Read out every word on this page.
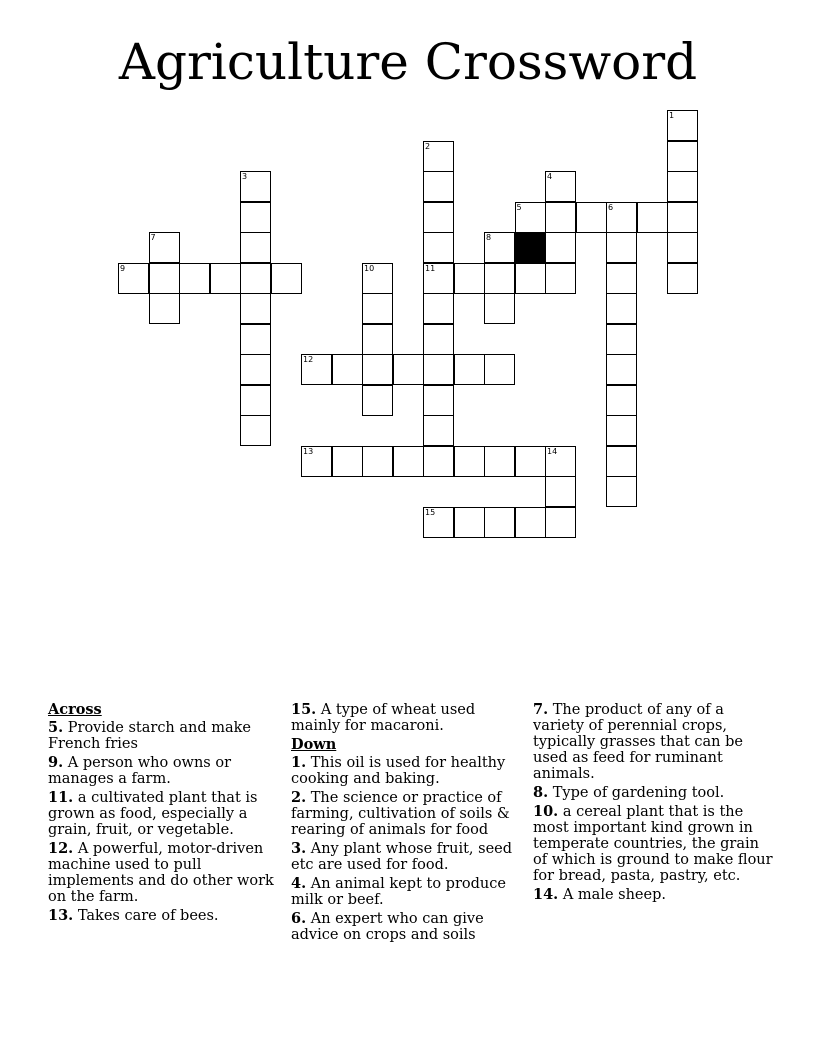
Agriculture Crossword
1
2
3	4
5	6
7	8
9	10	11
12
13	14
15
Across
5. Provide starch and make French fries
9. A person who owns or manages a farm.
11. a cultivated plant that is grown as food, especially a grain, fruit, or vegetable.
12. A powerful, motor-driven machine used to pull implements and do other work on the farm.
13. Takes care of bees.
15. A type of wheat used mainly for macaroni.
Down
1. This oil is used for healthy cooking and baking.
2. The science or practice of farming, cultivation of soils & rearing of animals for food
3. Any plant whose fruit, seed etc are used for food.
4. An animal kept to produce milk or beef.
6. An expert who can give advice on crops and soils
7. The product of any of a variety of perennial crops, typically grasses that can be used as feed for ruminant animals.
8. Type of gardening tool.
10. a cereal plant that is the most important kind grown in temperate countries, the grain of which is ground to make flour for bread, pasta, pastry, etc.
14. A male sheep.
